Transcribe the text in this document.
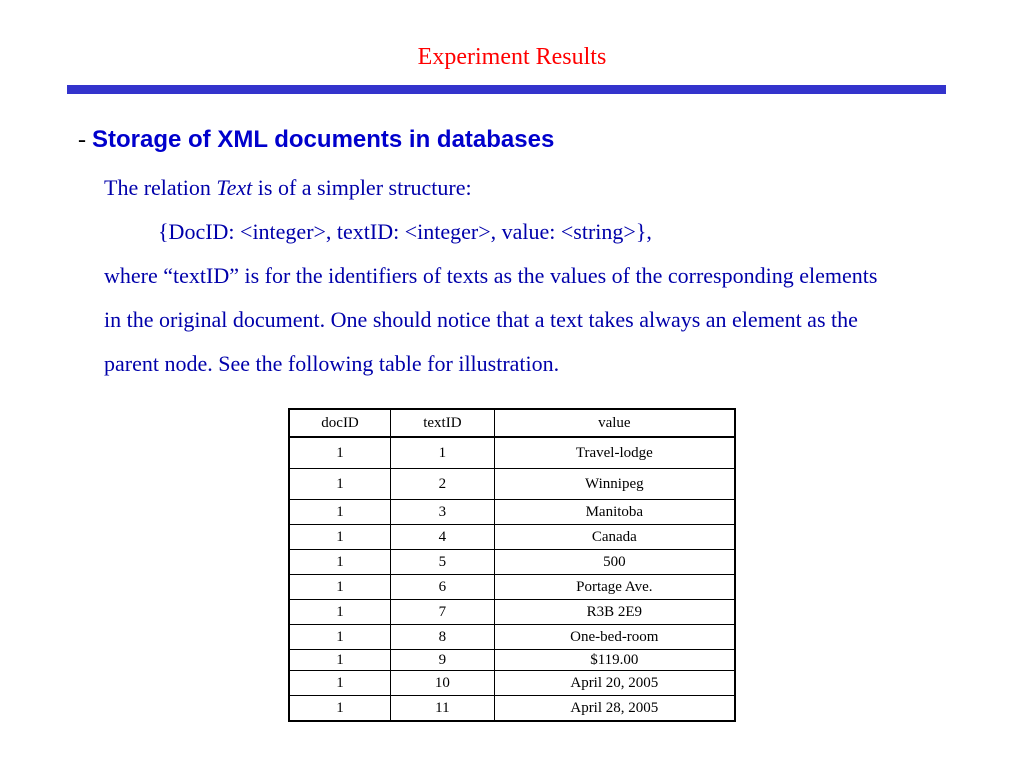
Experiment Results
- Storage of XML documents in databases
The relation Text is of a simpler structure:
{DocID: <integer>, textID: <integer>, value: <string>},
where “textID” is for the identifiers of texts as the values of the corresponding elements
in the original document. One should notice that a text takes always an element as the
parent node. See the following table for illustration.
docID	textID	value
1	1	Travel-lodge
1	2	Winnipeg
1	3	Manitoba
1	4	Canada
1	5	500
1	6	Portage Ave.
1	7	R3B 2E9
1	8	One-bed-room
1	9	$119.00
1	10	April 20, 2005
1	11	April 28, 2005
